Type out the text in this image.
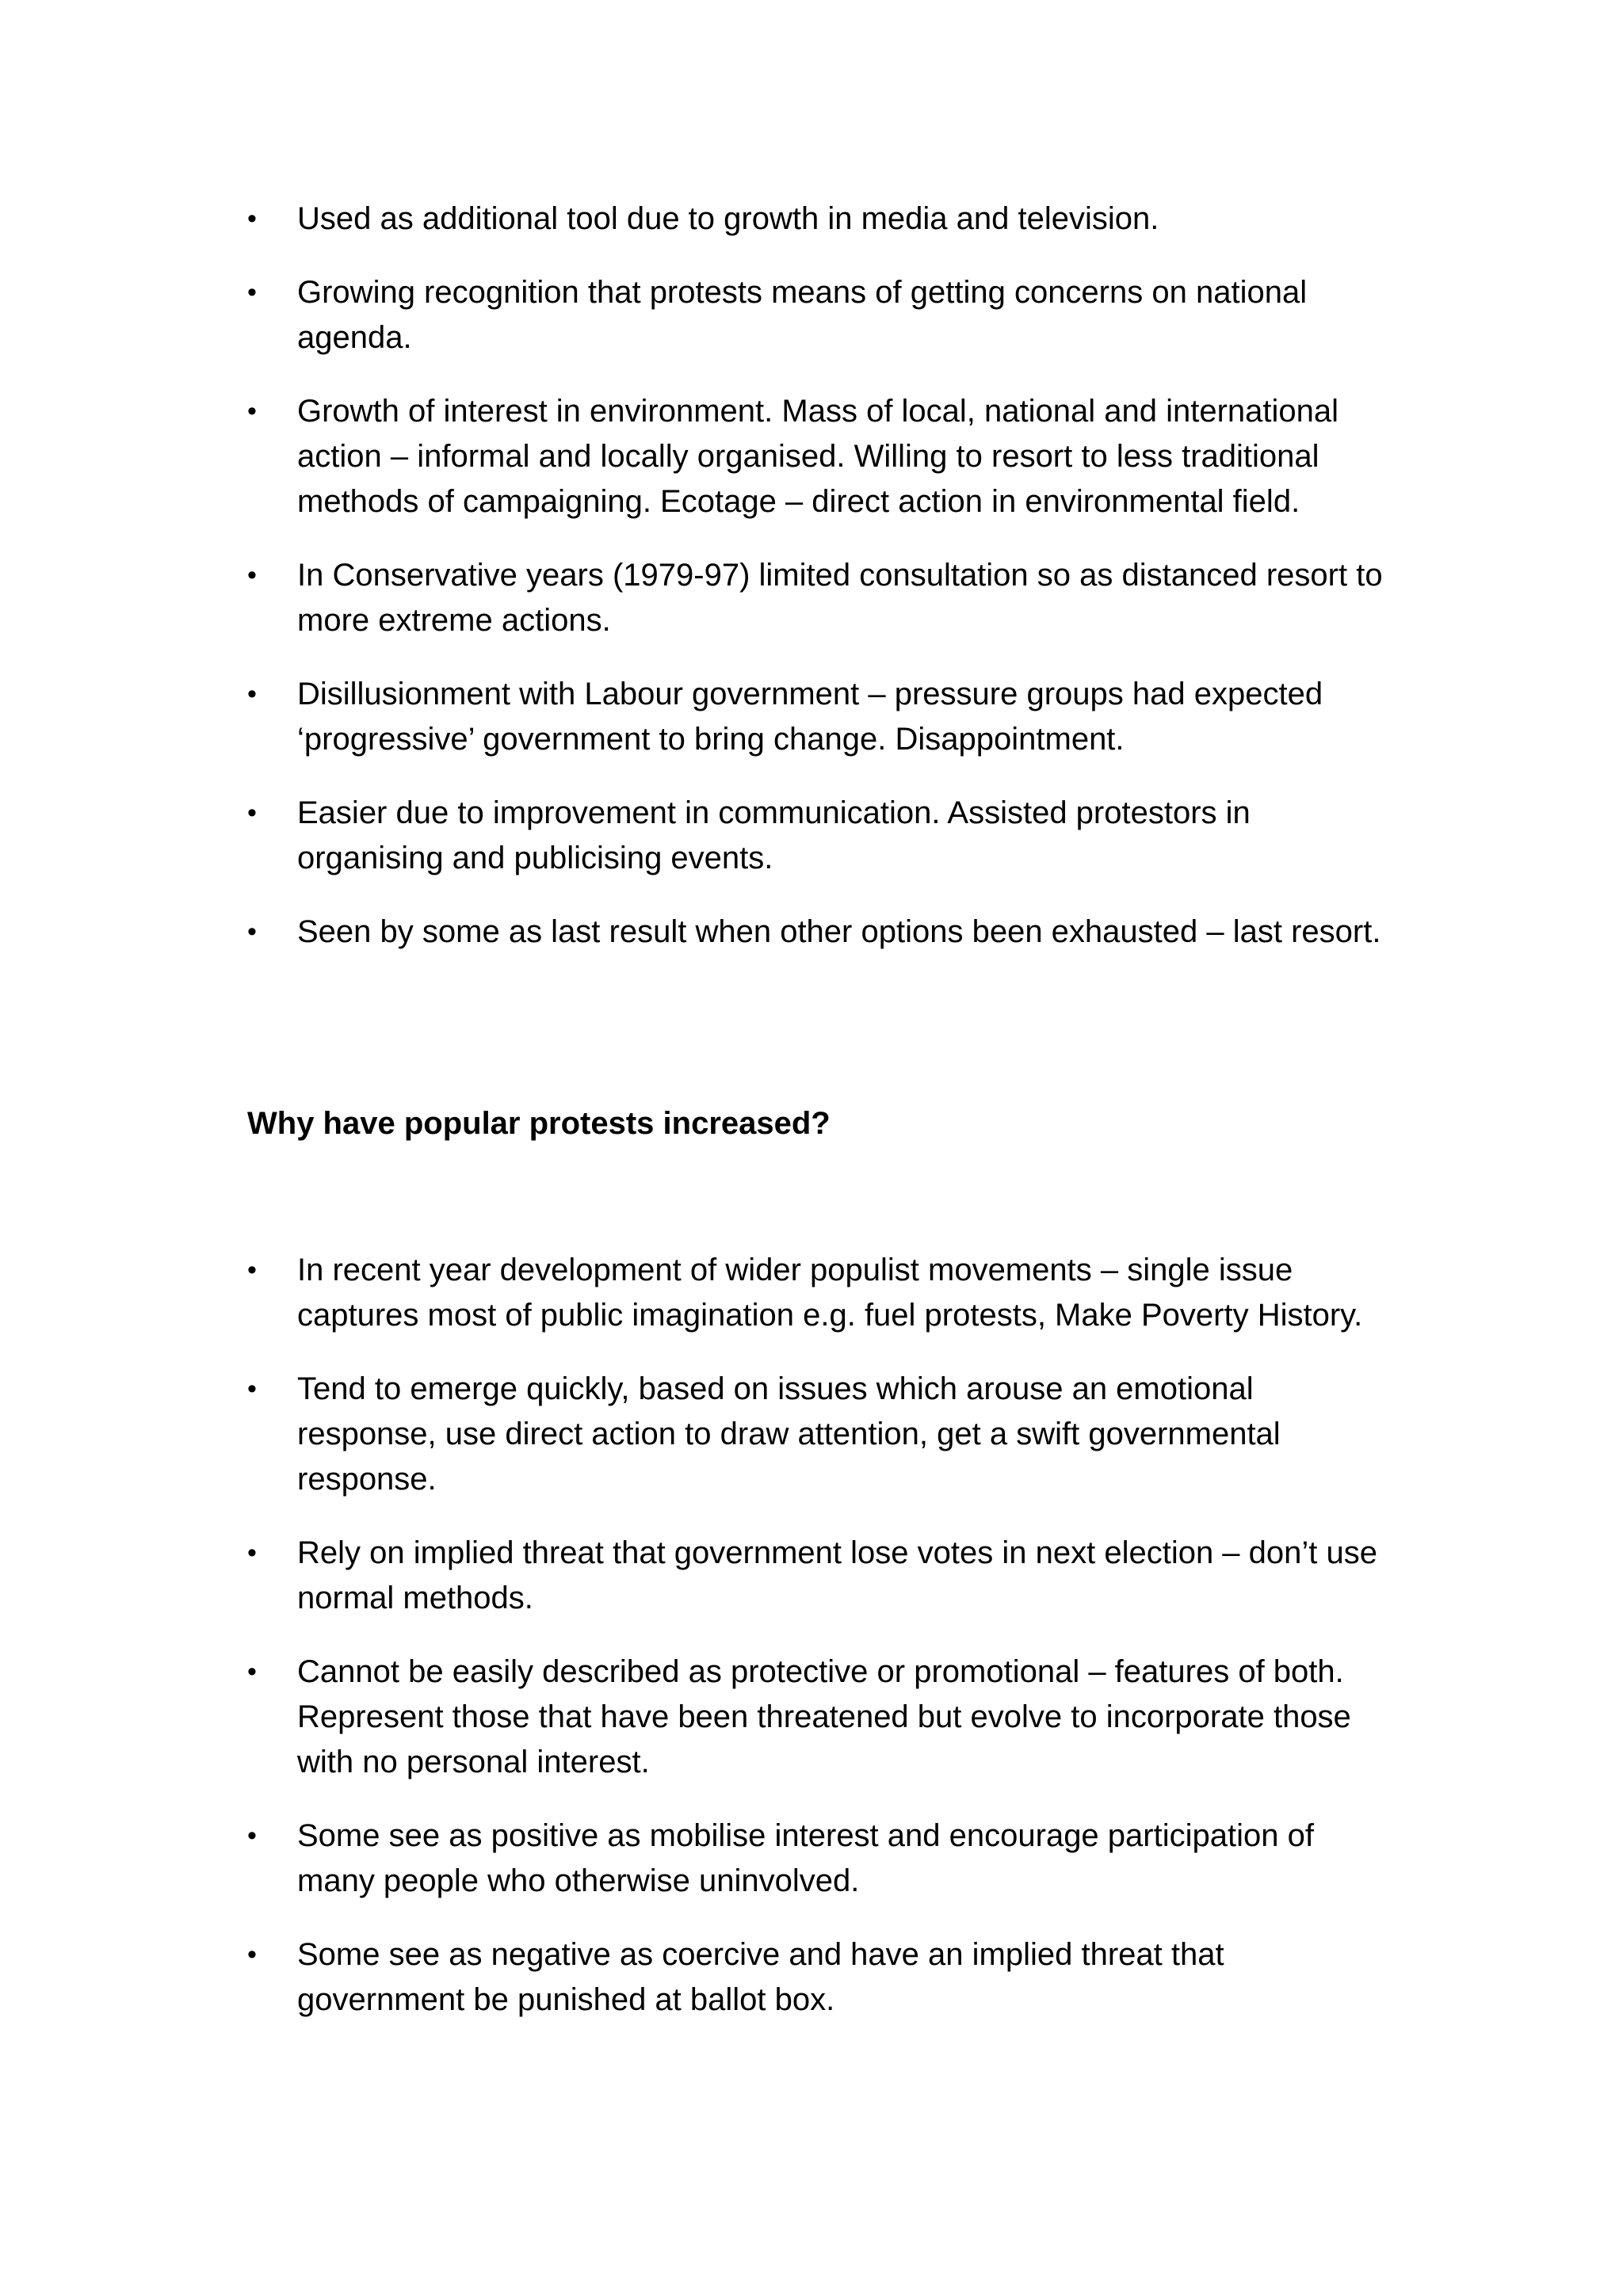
•	Used as additional tool due to growth in media and television.
•	Growing recognition that protests means of getting concerns on national agenda.
•	Growth of interest in environment. Mass of local, national and international action – informal and locally organised. Willing to resort to less traditional methods of campaigning. Ecotage – direct action in environmental field.
•	In Conservative years (1979-97) limited consultation so as distanced resort to more extreme actions.
•	Disillusionment with Labour government – pressure groups had expected ‘progressive’ government to bring change. Disappointment.
•	Easier due to improvement in communication. Assisted protestors in organising and publicising events.
•	Seen by some as last result when other options been exhausted – last resort.
Why have popular protests increased?
•	In recent year development of wider populist movements – single issue captures most of public imagination e.g. fuel protests, Make Poverty History.
•	Tend to emerge quickly, based on issues which arouse an emotional response, use direct action to draw attention, get a swift governmental response.
•	Rely on implied threat that government lose votes in next election – don’t use normal methods.
•	Cannot be easily described as protective or promotional – features of both. Represent those that have been threatened but evolve to incorporate those with no personal interest.
•	Some see as positive as mobilise interest and encourage participation of many people who otherwise uninvolved.
•	Some see as negative as coercive and have an implied threat that government be punished at ballot box.
